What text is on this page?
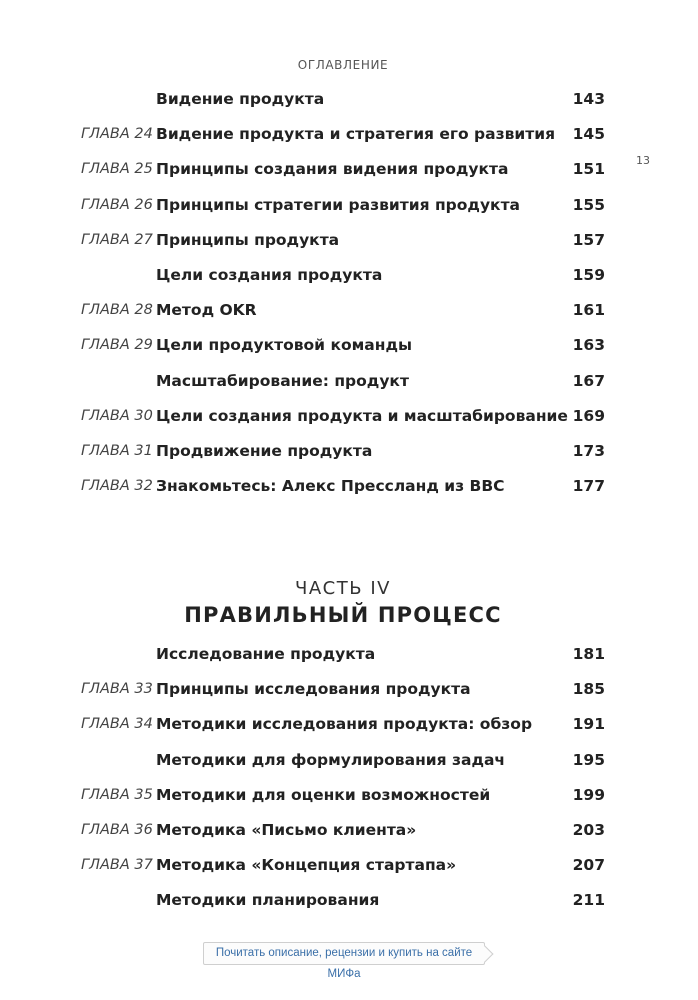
ОГЛАВЛЕНИЕ
13
Видение продукта	143
ГЛАВА 24 Видение продукта и стратегия его развития 145
ГЛАВА 25 Принципы создания видения продукта	151
ГЛАВА 26 Принципы стратегии развития продукта	155
ГЛАВА 27 Принципы продукта	157
Цели создания продукта	159
ГЛАВА 28 Метод OKR	161
ГЛАВА 29 Цели продуктовой команды	163
Масштабирование: продукт	167
ГЛАВА 30 Цели создания продукта и масштабирование 169
ГЛАВА 31 Продвижение продукта	173
ГЛАВА 32 Знакомьтесь: Алекс Прессланд из BBC	177
ЧАСТЬ IV
ПРАВИЛЬНЫЙ ПРОЦЕСС
Исследование продукта	181
ГЛАВА 33 Принципы исследования продукта	185
ГЛАВА 34 Методики исследования продукта: обзор	191
Методики для формулирования задач	195
ГЛАВА 35 Методики для оценки возможностей	199
ГЛАВА 36 Методика «Письмо клиента»	203
ГЛАВА 37 Методика «Концепция стартапа»	207
Методики планирования	211
Почитать описание, рецензии и купить на сайте МИФа
